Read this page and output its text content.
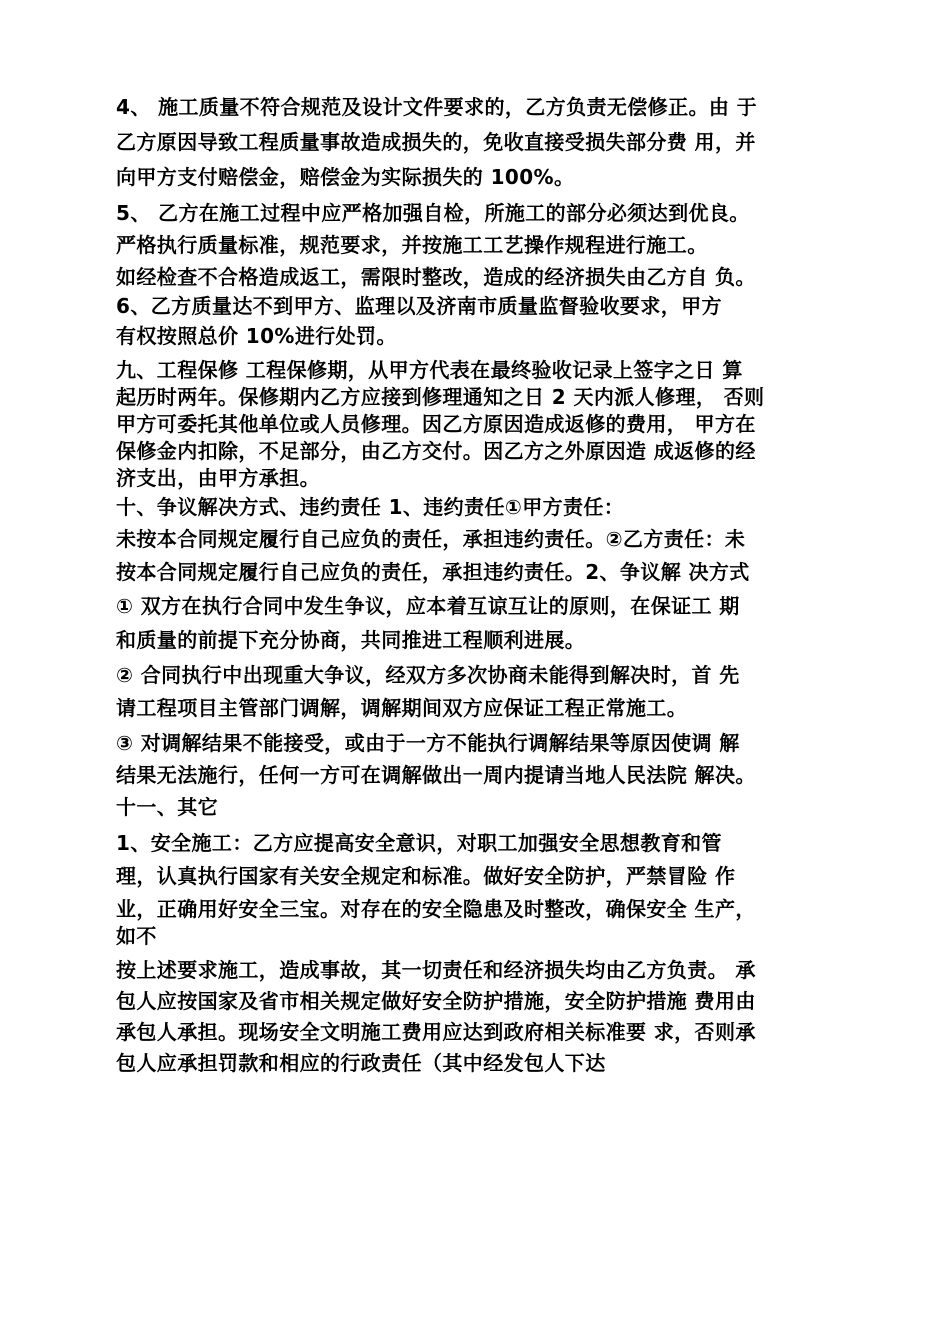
4、 施工质量不符合规范及设计文件要求的，乙方负责无偿修正。由 于
乙方原因导致工程质量事故造成损失的，免收直接受损失部分费 用，并
向甲方支付赔偿金，赔偿金为实际损失的 100%。
5、 乙方在施工过程中应严格加强自检，所施工的部分必须达到优良。
严格执行质量标准，规范要求，并按施工工艺操作规程进行施工。
如经检查不合格造成返工，需限时整改，造成的经济损失由乙方自 负。
6、乙方质量达不到甲方、监理以及济南市质量监督验收要求，甲方
有权按照总价 10%进行处罚。
九、工程保修 工程保修期，从甲方代表在最终验收记录上签字之日 算
起历时两年。保修期内乙方应接到修理通知之日 2 天内派人修理， 否则
甲方可委托其他单位或人员修理。因乙方原因造成返修的费用， 甲方在
保修金内扣除，不足部分，由乙方交付。因乙方之外原因造 成返修的经
济支出，由甲方承担。
十、争议解决方式、违约责任 1、违约责任①甲方责任：
未按本合同规定履行自己应负的责任，承担违约责任。②乙方责任：未
按本合同规定履行自己应负的责任，承担违约责任。2、争议解 决方式
① 双方在执行合同中发生争议，应本着互谅互让的原则，在保证工 期
和质量的前提下充分协商，共同推进工程顺利进展。
② 合同执行中出现重大争议，经双方多次协商未能得到解决时，首 先
请工程项目主管部门调解，调解期间双方应保证工程正常施工。
③ 对调解结果不能接受，或由于一方不能执行调解结果等原因使调 解
结果无法施行，任何一方可在调解做出一周内提请当地人民法院 解决。
十一、其它
1、安全施工：乙方应提高安全意识，对职工加强安全思想教育和管
理，认真执行国家有关安全规定和标准。做好安全防护，严禁冒险 作
业，正确用好安全三宝。对存在的安全隐患及时整改，确保安全 生产，
如不
按上述要求施工，造成事故，其一切责任和经济损失均由乙方负责。 承
包人应按国家及省市相关规定做好安全防护措施，安全防护措施 费用由
承包人承担。现场安全文明施工费用应达到政府相关标准要 求，否则承
包人应承担罚款和相应的行政责任（其中经发包人下达
